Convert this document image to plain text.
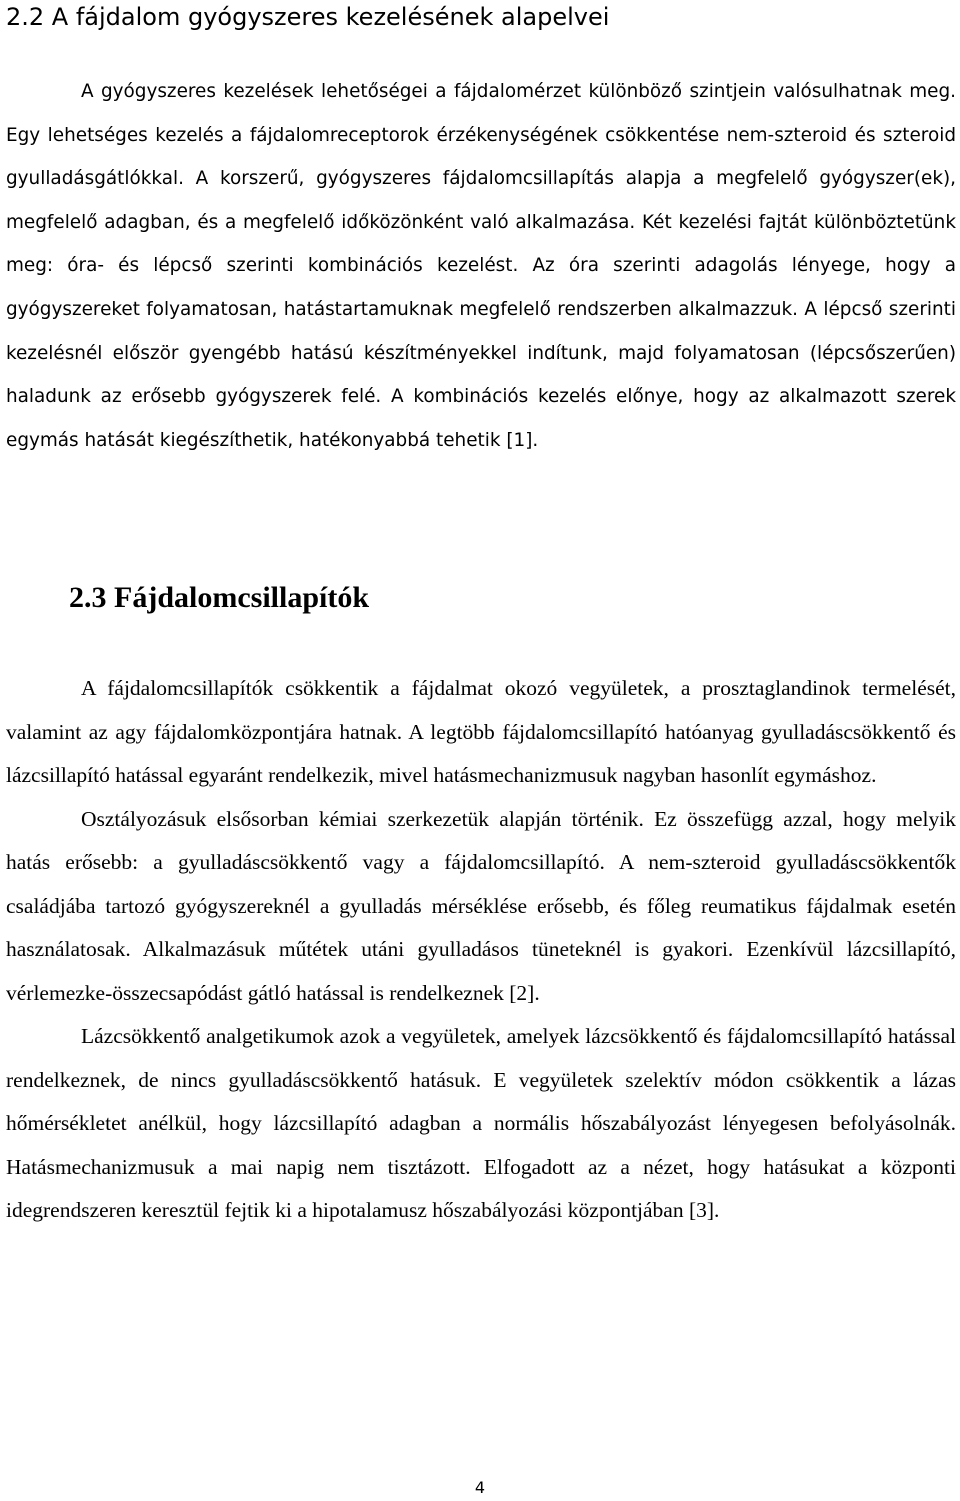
2.2 A fájdalom gyógyszeres kezelésének alapelvei

A gyógyszeres kezelések lehetőségei a fájdalomérzet különböző szintjein valósulhatnak meg. Egy lehetséges kezelés a fájdalomreceptorok érzékenységének csökkentése nem-szteroid és szteroid gyulladásgátlókkal. A korszerű, gyógyszeres fájdalomcsillapítás alapja a megfelelő gyógyszer(ek), megfelelő adagban, és a megfelelő időközönként való alkalmazása. Két kezelési fajtát különböztetünk meg: óra- és lépcső szerinti kombinációs kezelést. Az óra szerinti adagolás lényege, hogy a gyógyszereket folyamatosan, hatástartamuknak megfelelő rendszerben alkalmazzuk. A lépcső szerinti kezelésnél először gyengébb hatású készítményekkel indítunk, majd folyamatosan (lépcsőszerűen) haladunk az erősebb gyógyszerek felé. A kombinációs kezelés előnye, hogy az alkalmazott szerek egymás hatását kiegészíthetik, hatékonyabbá tehetik [1].

2.3 Fájdalomcsillapítók

A fájdalomcsillapítók csökkentik a fájdalmat okozó vegyületek, a prosztaglandinok termelését, valamint az agy fájdalomközpontjára hatnak. A legtöbb fájdalomcsillapító hatóanyag gyulladáscsökkentő és lázcsillapító hatással egyaránt rendelkezik, mivel hatásmechanizmusuk nagyban hasonlít egymáshoz.

Osztályozásuk elsősorban kémiai szerkezetük alapján történik. Ez összefügg azzal, hogy melyik hatás erősebb: a gyulladáscsökkentő vagy a fájdalomcsillapító. A nem-szteroid gyulladáscsökkentők családjába tartozó gyógyszereknél a gyulladás mérséklése erősebb, és főleg reumatikus fájdalmak esetén használatosak. Alkalmazásuk műtétek utáni gyulladásos tüneteknél is gyakori. Ezenkívül lázcsillapító, vérlemezke-összecsapódást gátló hatással is rendelkeznek [2].

Lázcsökkentő analgetikumok azok a vegyületek, amelyek lázcsökkentő és fájdalomcsillapító hatással rendelkeznek, de nincs gyulladáscsökkentő hatásuk. E vegyületek szelektív módon csökkentik a lázas hőmérsékletet anélkül, hogy lázcsillapító adagban a normális hőszabályozást lényegesen befolyásolnák. Hatásmechanizmusuk a mai napig nem tisztázott. Elfogadott az a nézet, hogy hatásukat a központi idegrendszeren keresztül fejtik ki a hipotalamusz hőszabályozási központjában [3].

4
